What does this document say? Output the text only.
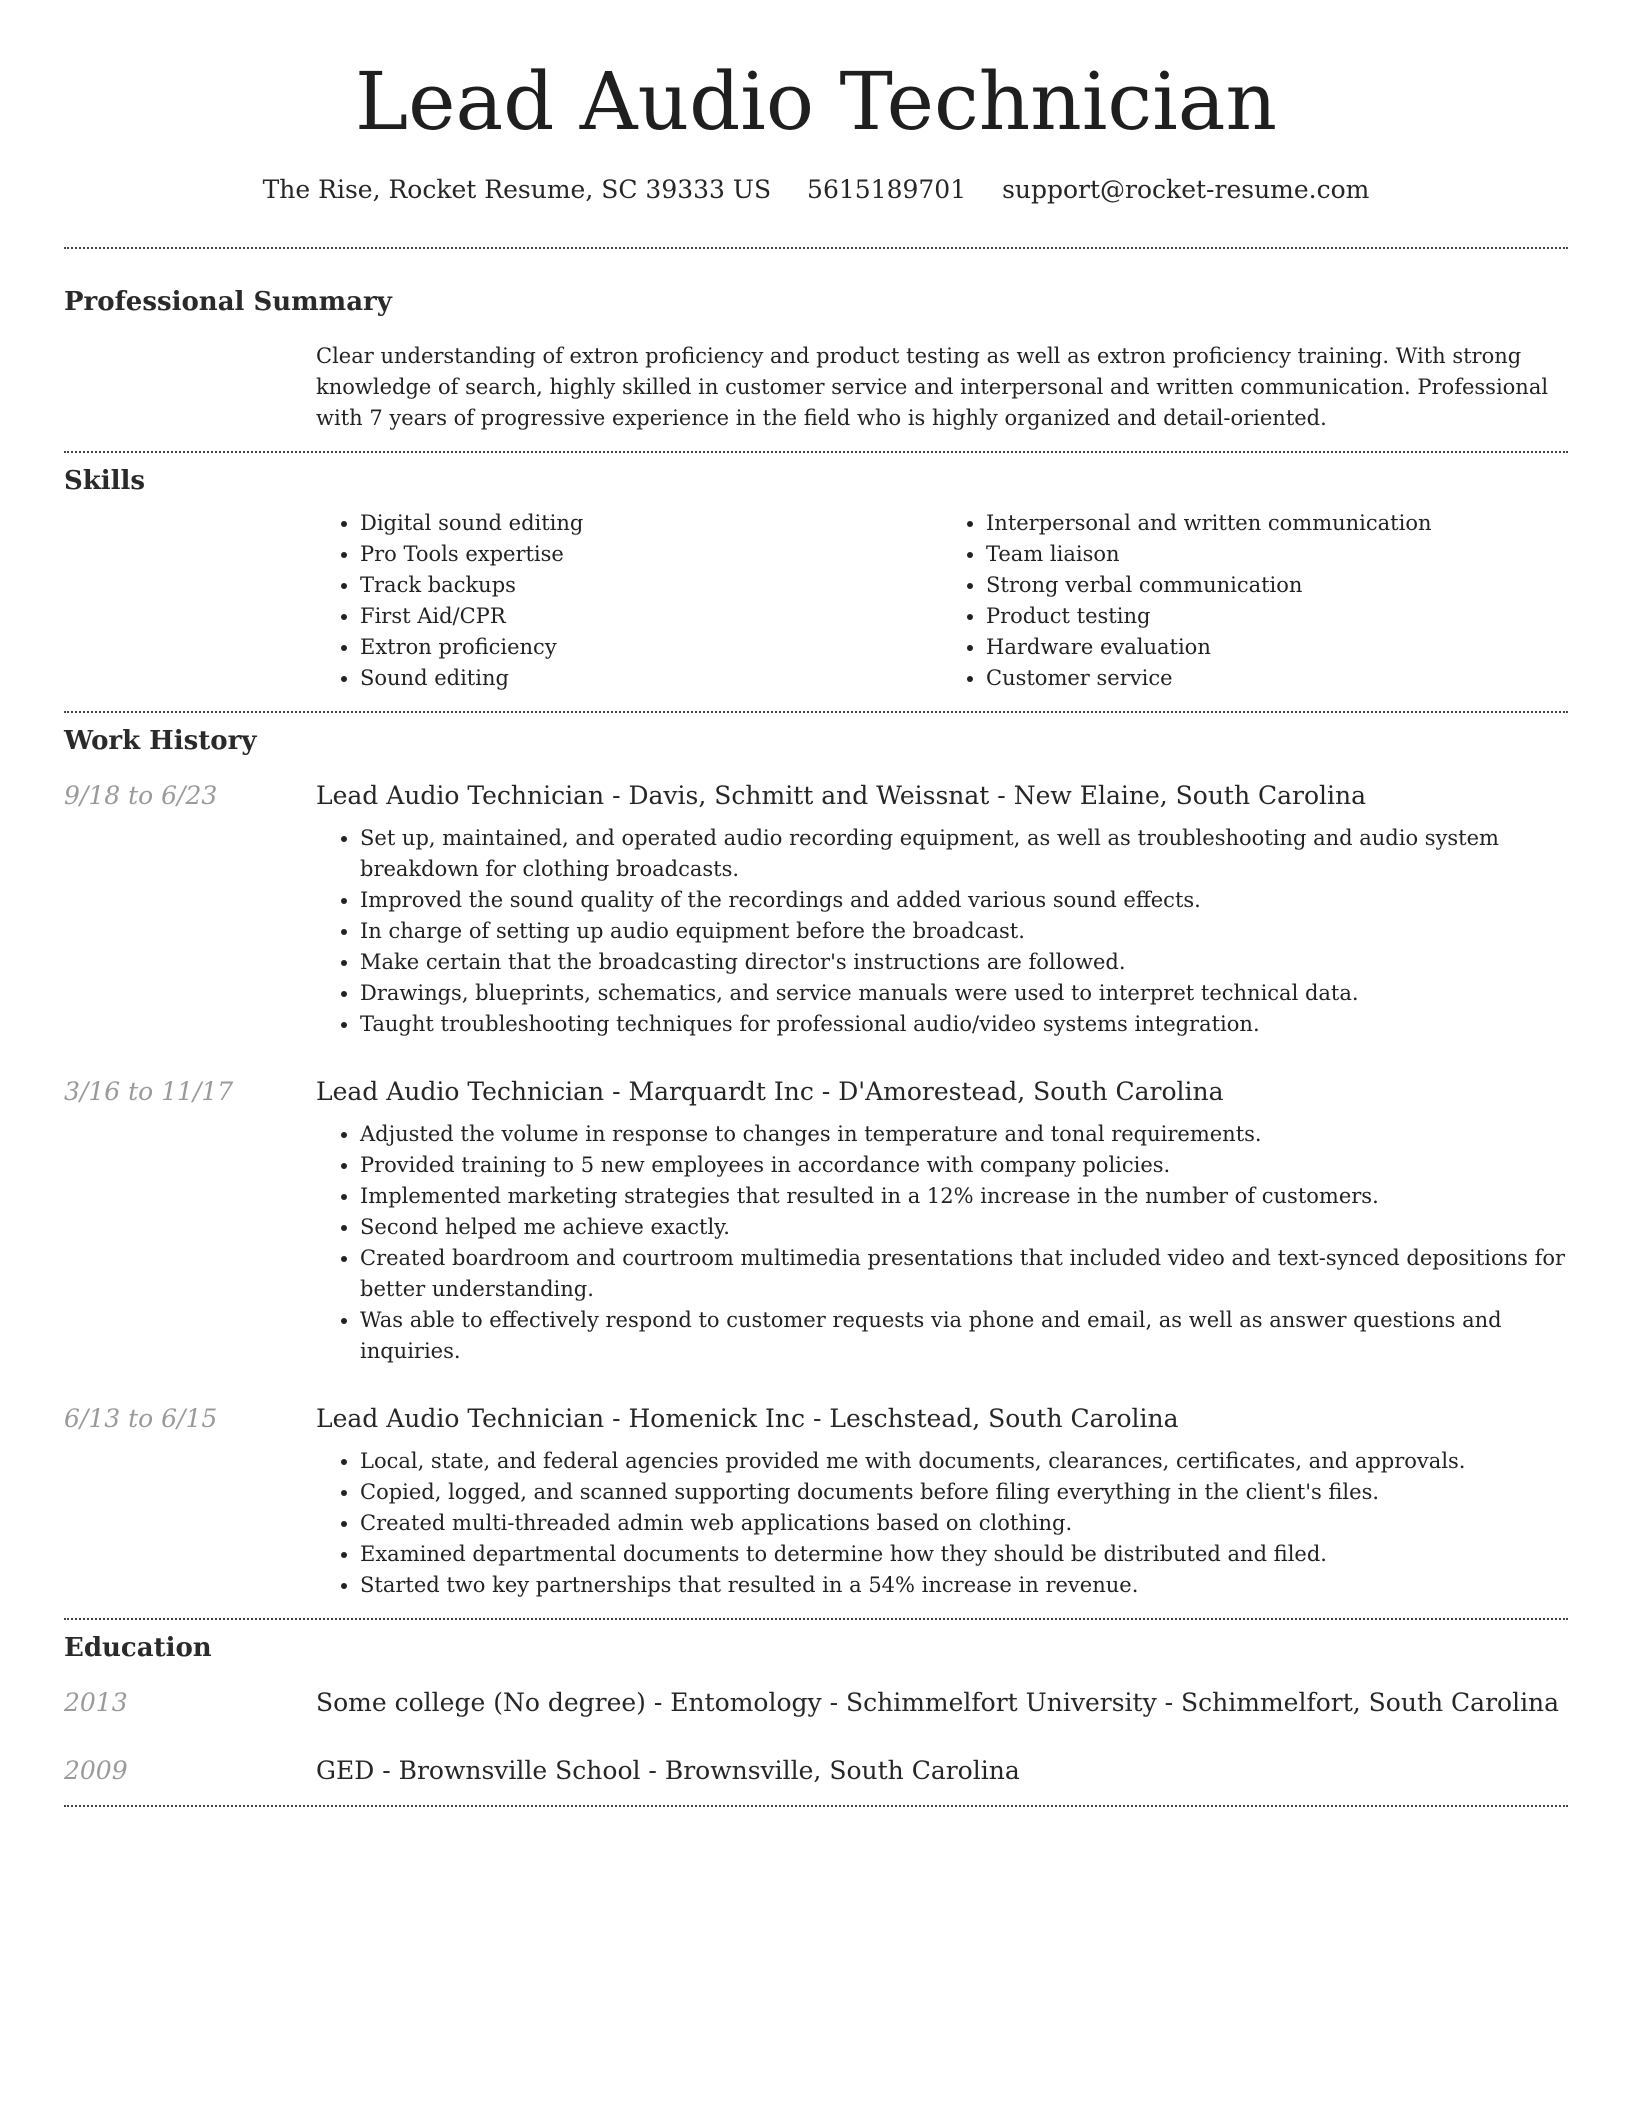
Lead Audio Technician
The Rise, Rocket Resume, SC 39333 US 5615189701 support@rocket-resume.com
Professional Summary

Clear understanding of extron proficiency and product testing as well as extron proficiency training. With strong knowledge of search, highly skilled in customer service and interpersonal and written communication. Professional with 7 years of progressive experience in the field who is highly organized and detail-oriented.

Skills
• Digital sound editing
• Pro Tools expertise
• Track backups
• First Aid/CPR
• Extron proficiency
• Sound editing
• Interpersonal and written communication
• Team liaison
• Strong verbal communication
• Product testing
• Hardware evaluation
• Customer service
Work History
9/18 to 6/23	Lead Audio Technician - Davis, Schmitt and Weissnat - New Elaine, South Carolina
• Set up, maintained, and operated audio recording equipment, as well as troubleshooting and audio system breakdown for clothing broadcasts.
• Improved the sound quality of the recordings and added various sound effects.
• In charge of setting up audio equipment before the broadcast.
• Make certain that the broadcasting director's instructions are followed.
• Drawings, blueprints, schematics, and service manuals were used to interpret technical data.
• Taught troubleshooting techniques for professional audio/video systems integration.
3/16 to 11/17	Lead Audio Technician - Marquardt Inc - D'Amorestead, South Carolina
• Adjusted the volume in response to changes in temperature and tonal requirements.
• Provided training to 5 new employees in accordance with company policies.
• Implemented marketing strategies that resulted in a 12% increase in the number of customers.
• Second helped me achieve exactly.
• Created boardroom and courtroom multimedia presentations that included video and text-synced depositions for better understanding.
• Was able to effectively respond to customer requests via phone and email, as well as answer questions and inquiries.
6/13 to 6/15	Lead Audio Technician - Homenick Inc - Leschstead, South Carolina
• Local, state, and federal agencies provided me with documents, clearances, certificates, and approvals.
• Copied, logged, and scanned supporting documents before filing everything in the client's files.
• Created multi-threaded admin web applications based on clothing.
• Examined departmental documents to determine how they should be distributed and filed.
• Started two key partnerships that resulted in a 54% increase in revenue.
Education
2013	Some college (No degree) - Entomology - Schimmelfort University - Schimmelfort, South Carolina
2009	GED - Brownsville School - Brownsville, South Carolina
